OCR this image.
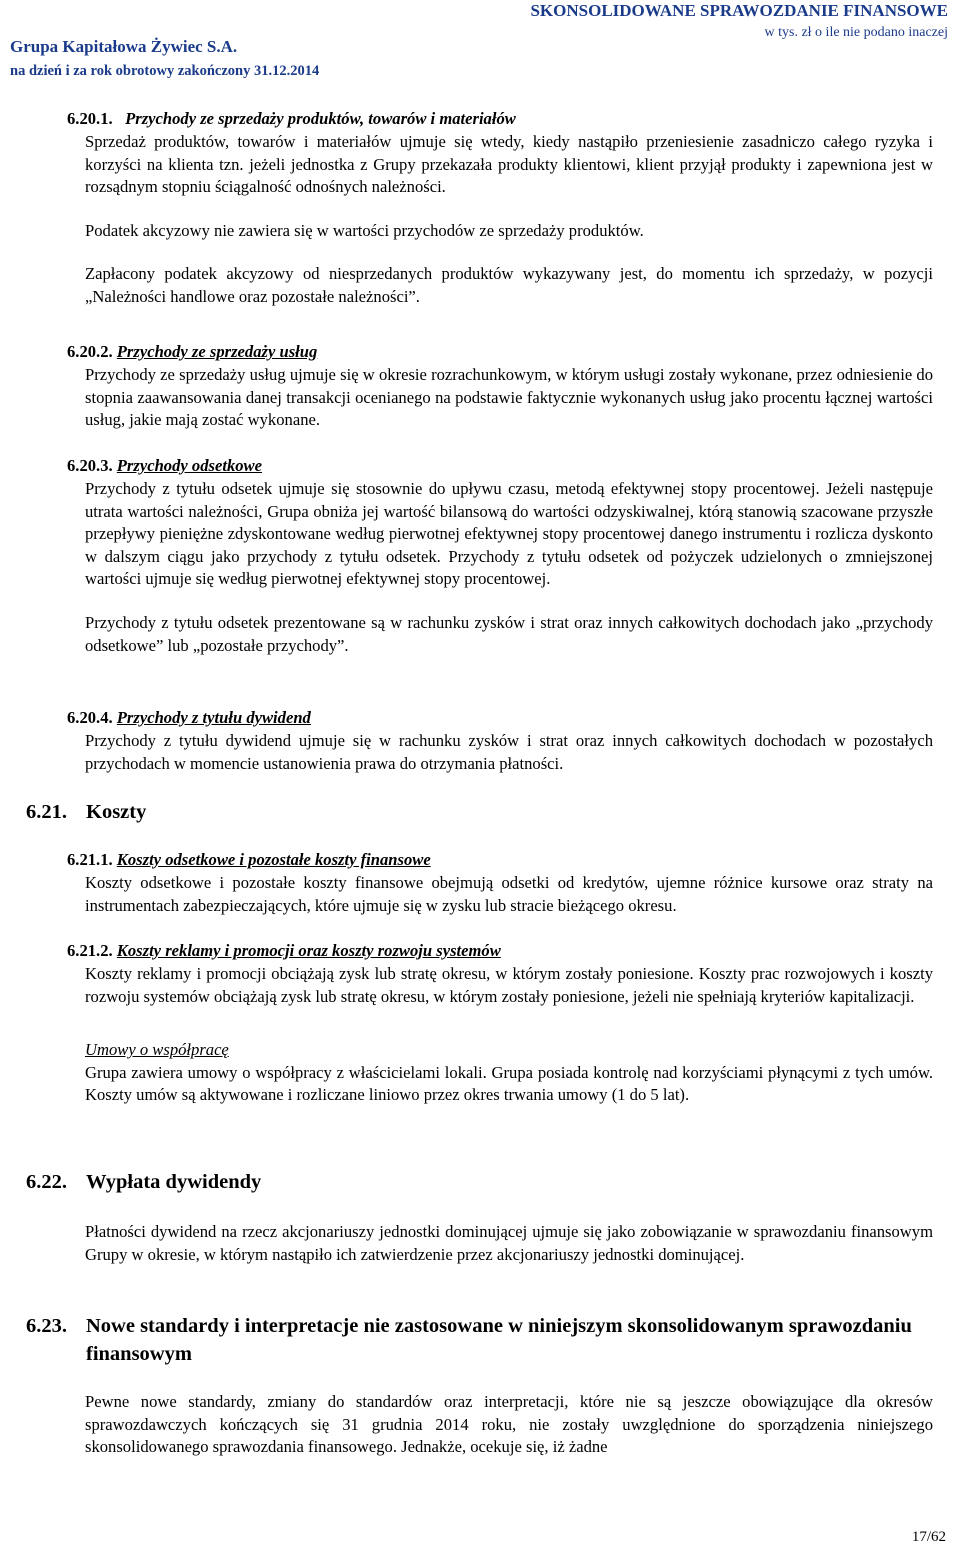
SKONSOLIDOWANE SPRAWOZDANIE FINANSOWE
w tys. zł o ile nie podano inaczej
Grupa Kapitałowa Żywiec S.A.
na dzień i za rok obrotowy zakończony 31.12.2014

6.20.1. Przychody ze sprzedaży produktów, towarów i materiałów

Sprzedaż produktów, towarów i materiałów ujmuje się wtedy, kiedy nastąpiło przeniesienie zasadniczo całego ryzyka i korzyści na klienta tzn. jeżeli jednostka z Grupy przekazała produkty klientowi, klient przyjął produkty i zapewniona jest w rozsądnym stopniu ściągalność odnośnych należności.

Podatek akcyzowy nie zawiera się w wartości przychodów ze sprzedaży produktów.

Zapłacony podatek akcyzowy od niesprzedanych produktów wykazywany jest, do momentu ich sprzedaży, w pozycji „Należności handlowe oraz pozostałe należności”.

6.20.2. Przychody ze sprzedaży usług

Przychody ze sprzedaży usług ujmuje się w okresie rozrachunkowym, w którym usługi zostały wykonane, przez odniesienie do stopnia zaawansowania danej transakcji ocenianego na podstawie faktycznie wykonanych usług jako procentu łącznej wartości usług, jakie mają zostać wykonane.

6.20.3. Przychody odsetkowe

Przychody z tytułu odsetek ujmuje się stosownie do upływu czasu, metodą efektywnej stopy procentowej. Jeżeli następuje utrata wartości należności, Grupa obniża jej wartość bilansową do wartości odzyskiwalnej, którą stanowią szacowane przyszłe przepływy pieniężne zdyskontowane według pierwotnej efektywnej stopy procentowej danego instrumentu i rozlicza dyskonto w dalszym ciągu jako przychody z tytułu odsetek. Przychody z tytułu odsetek od pożyczek udzielonych o zmniejszonej wartości ujmuje się według pierwotnej efektywnej stopy procentowej.

Przychody z tytułu odsetek prezentowane są w rachunku zysków i strat oraz innych całkowitych dochodach jako „przychody odsetkowe” lub „pozostałe przychody”.

6.20.4. Przychody z tytułu dywidend

Przychody z tytułu dywidend ujmuje się w rachunku zysków i strat oraz innych całkowitych dochodach w pozostałych przychodach w momencie ustanowienia prawa do otrzymania płatności.

6.21. Koszty

6.21.1. Koszty odsetkowe i pozostałe koszty finansowe

Koszty odsetkowe i pozostałe koszty finansowe obejmują odsetki od kredytów, ujemne różnice kursowe oraz straty na instrumentach zabezpieczających, które ujmuje się w zysku lub stracie bieżącego okresu.

6.21.2. Koszty reklamy i promocji oraz koszty rozwoju systemów

Koszty reklamy i promocji obciążają zysk lub stratę okresu, w którym zostały poniesione. Koszty prac rozwojowych i koszty rozwoju systemów obciążają zysk lub stratę okresu, w którym zostały poniesione, jeżeli nie spełniają kryteriów kapitalizacji.

Umowy o współpracę

Grupa zawiera umowy o współpracy z właścicielami lokali. Grupa posiada kontrolę nad korzyściami płynącymi z tych umów. Koszty umów są aktywowane i rozliczane liniowo przez okres trwania umowy (1 do 5 lat).

6.22. Wypłata dywidendy

Płatności dywidend na rzecz akcjonariuszy jednostki dominującej ujmuje się jako zobowiązanie w sprawozdaniu finansowym Grupy w okresie, w którym nastąpiło ich zatwierdzenie przez akcjonariuszy jednostki dominującej.

6.23. Nowe standardy i interpretacje nie zastosowane w niniejszym skonsolidowanym sprawozdaniu finansowym

Pewne nowe standardy, zmiany do standardów oraz interpretacji, które nie są jeszcze obowiązujące dla okresów sprawozdawczych kończących się 31 grudnia 2014 roku, nie zostały uwzględnione do sporządzenia niniejszego skonsolidowanego sprawozdania finansowego. Jednakże, ocekuje się, iż żadne

17/62
